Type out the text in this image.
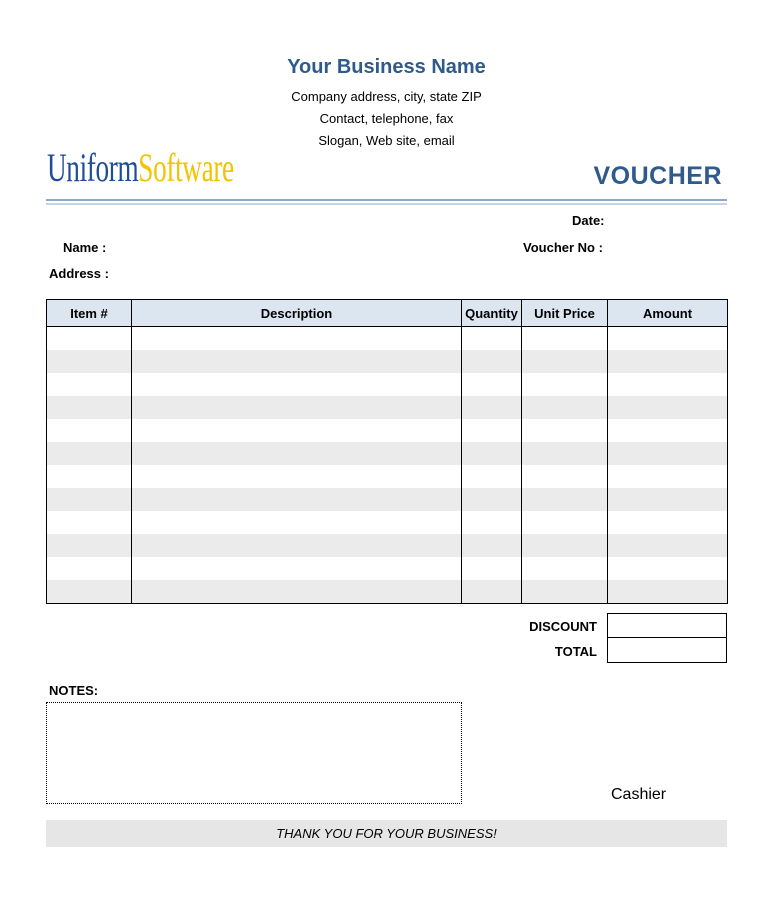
Your Business Name
Company address, city, state ZIP
Contact, telephone, fax
Slogan, Web site, email
UniformSoftware	VOUCHER
Date:
Name :	Voucher No :
Address :
Item #	Description	Quantity	Unit Price	Amount

DISCOUNT
TOTAL
NOTES:
Cashier
THANK YOU FOR YOUR BUSINESS!
